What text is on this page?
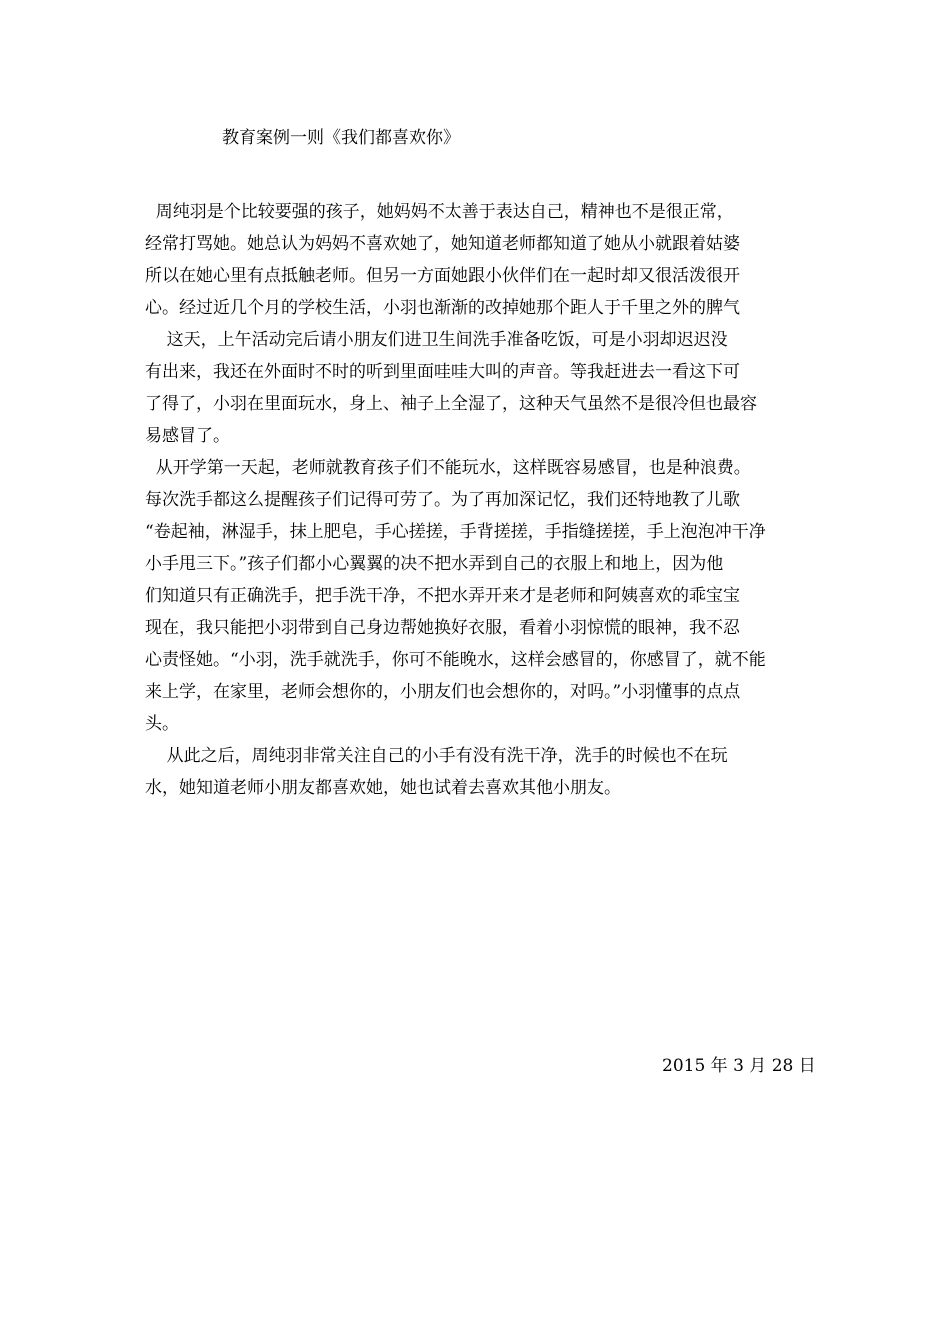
教育案例一则《我们都喜欢你》
周纯羽是个比较要强的孩子，她妈妈不太善于表达自己，精神也不是很正常，
经常打骂她。她总认为妈妈不喜欢她了，她知道老师都知道了她从小就跟着姑婆
所以在她心里有点抵触老师。但另一方面她跟小伙伴们在一起时却又很活泼很开
心。经过近几个月的学校生活，小羽也渐渐的改掉她那个距人于千里之外的脾气
这天，上午活动完后请小朋友们进卫生间洗手准备吃饭，可是小羽却迟迟没
有出来，我还在外面时不时的听到里面哇哇大叫的声音。等我赶进去一看这下可
了得了，小羽在里面玩水，身上、袖子上全湿了，这种天气虽然不是很冷但也最容
易感冒了。
从开学第一天起，老师就教育孩子们不能玩水，这样既容易感冒，也是种浪费。
每次洗手都这么提醒孩子们记得可劳了。为了再加深记忆，我们还特地教了儿歌
“卷起袖，淋湿手，抹上肥皂，手心搓搓，手背搓搓，手指缝搓搓，手上泡泡冲干净
小手甩三下。”孩子们都小心翼翼的决不把水弄到自己的衣服上和地上，因为他
们知道只有正确洗手，把手洗干净，不把水弄开来才是老师和阿姨喜欢的乖宝宝
现在，我只能把小羽带到自己身边帮她换好衣服，看着小羽惊慌的眼神，我不忍
心责怪她。“小羽，洗手就洗手，你可不能晚水，这样会感冒的，你感冒了，就不能
来上学，在家里，老师会想你的，小朋友们也会想你的，对吗。”小羽懂事的点点
头。
从此之后，周纯羽非常关注自己的小手有没有洗干净，洗手的时候也不在玩
水，她知道老师小朋友都喜欢她，她也试着去喜欢其他小朋友。
2015 年 3 月 28 日
